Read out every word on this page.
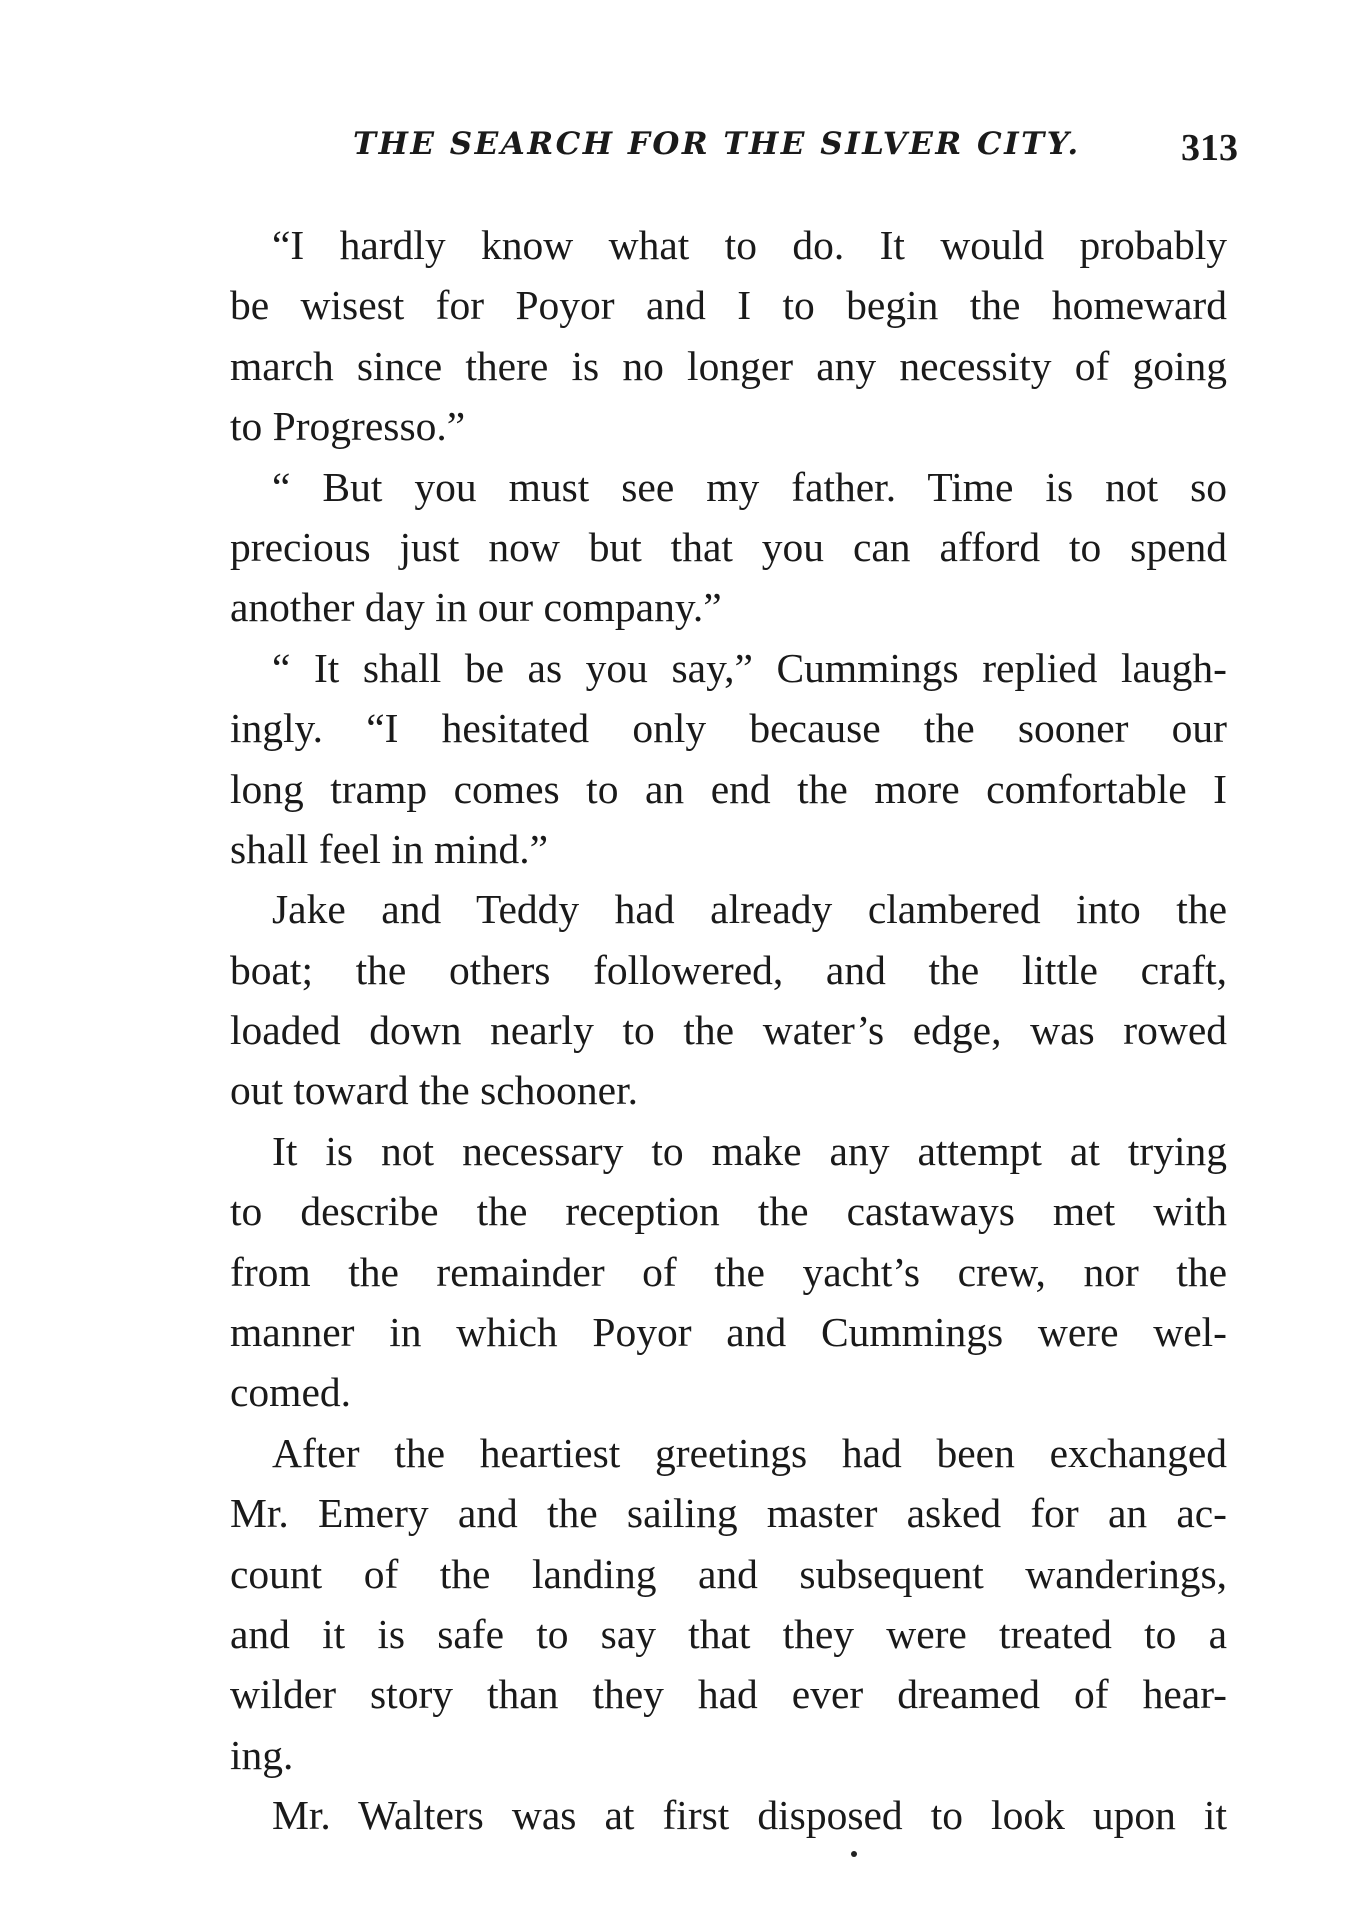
THE SEARCH FOR THE SILVER CITY.	313
“I hardly know what to do. It would probably
be wisest for Poyor and I to begin the homeward
march since there is no longer any necessity of going
to Progresso.”
“ But you must see my father. Time is not so
precious just now but that you can afford to spend
another day in our company.”
“ It shall be as you say,” Cummings replied laugh-
ingly. “I hesitated only because the sooner our
long tramp comes to an end the more comfortable I
shall feel in mind.”
Jake and Teddy had already clambered into the
boat; the others followered, and the little craft,
loaded down nearly to the water’s edge, was rowed
out toward the schooner.
It is not necessary to make any attempt at trying
to describe the reception the castaways met with
from the remainder of the yacht’s crew, nor the
manner in which Poyor and Cummings were wel-
comed.
After the heartiest greetings had been exchanged
Mr. Emery and the sailing master asked for an ac-
count of the landing and subsequent wanderings,
and it is safe to say that they were treated to a
wilder story than they had ever dreamed of hear-
ing.
Mr. Walters was at first disposed to look upon it
